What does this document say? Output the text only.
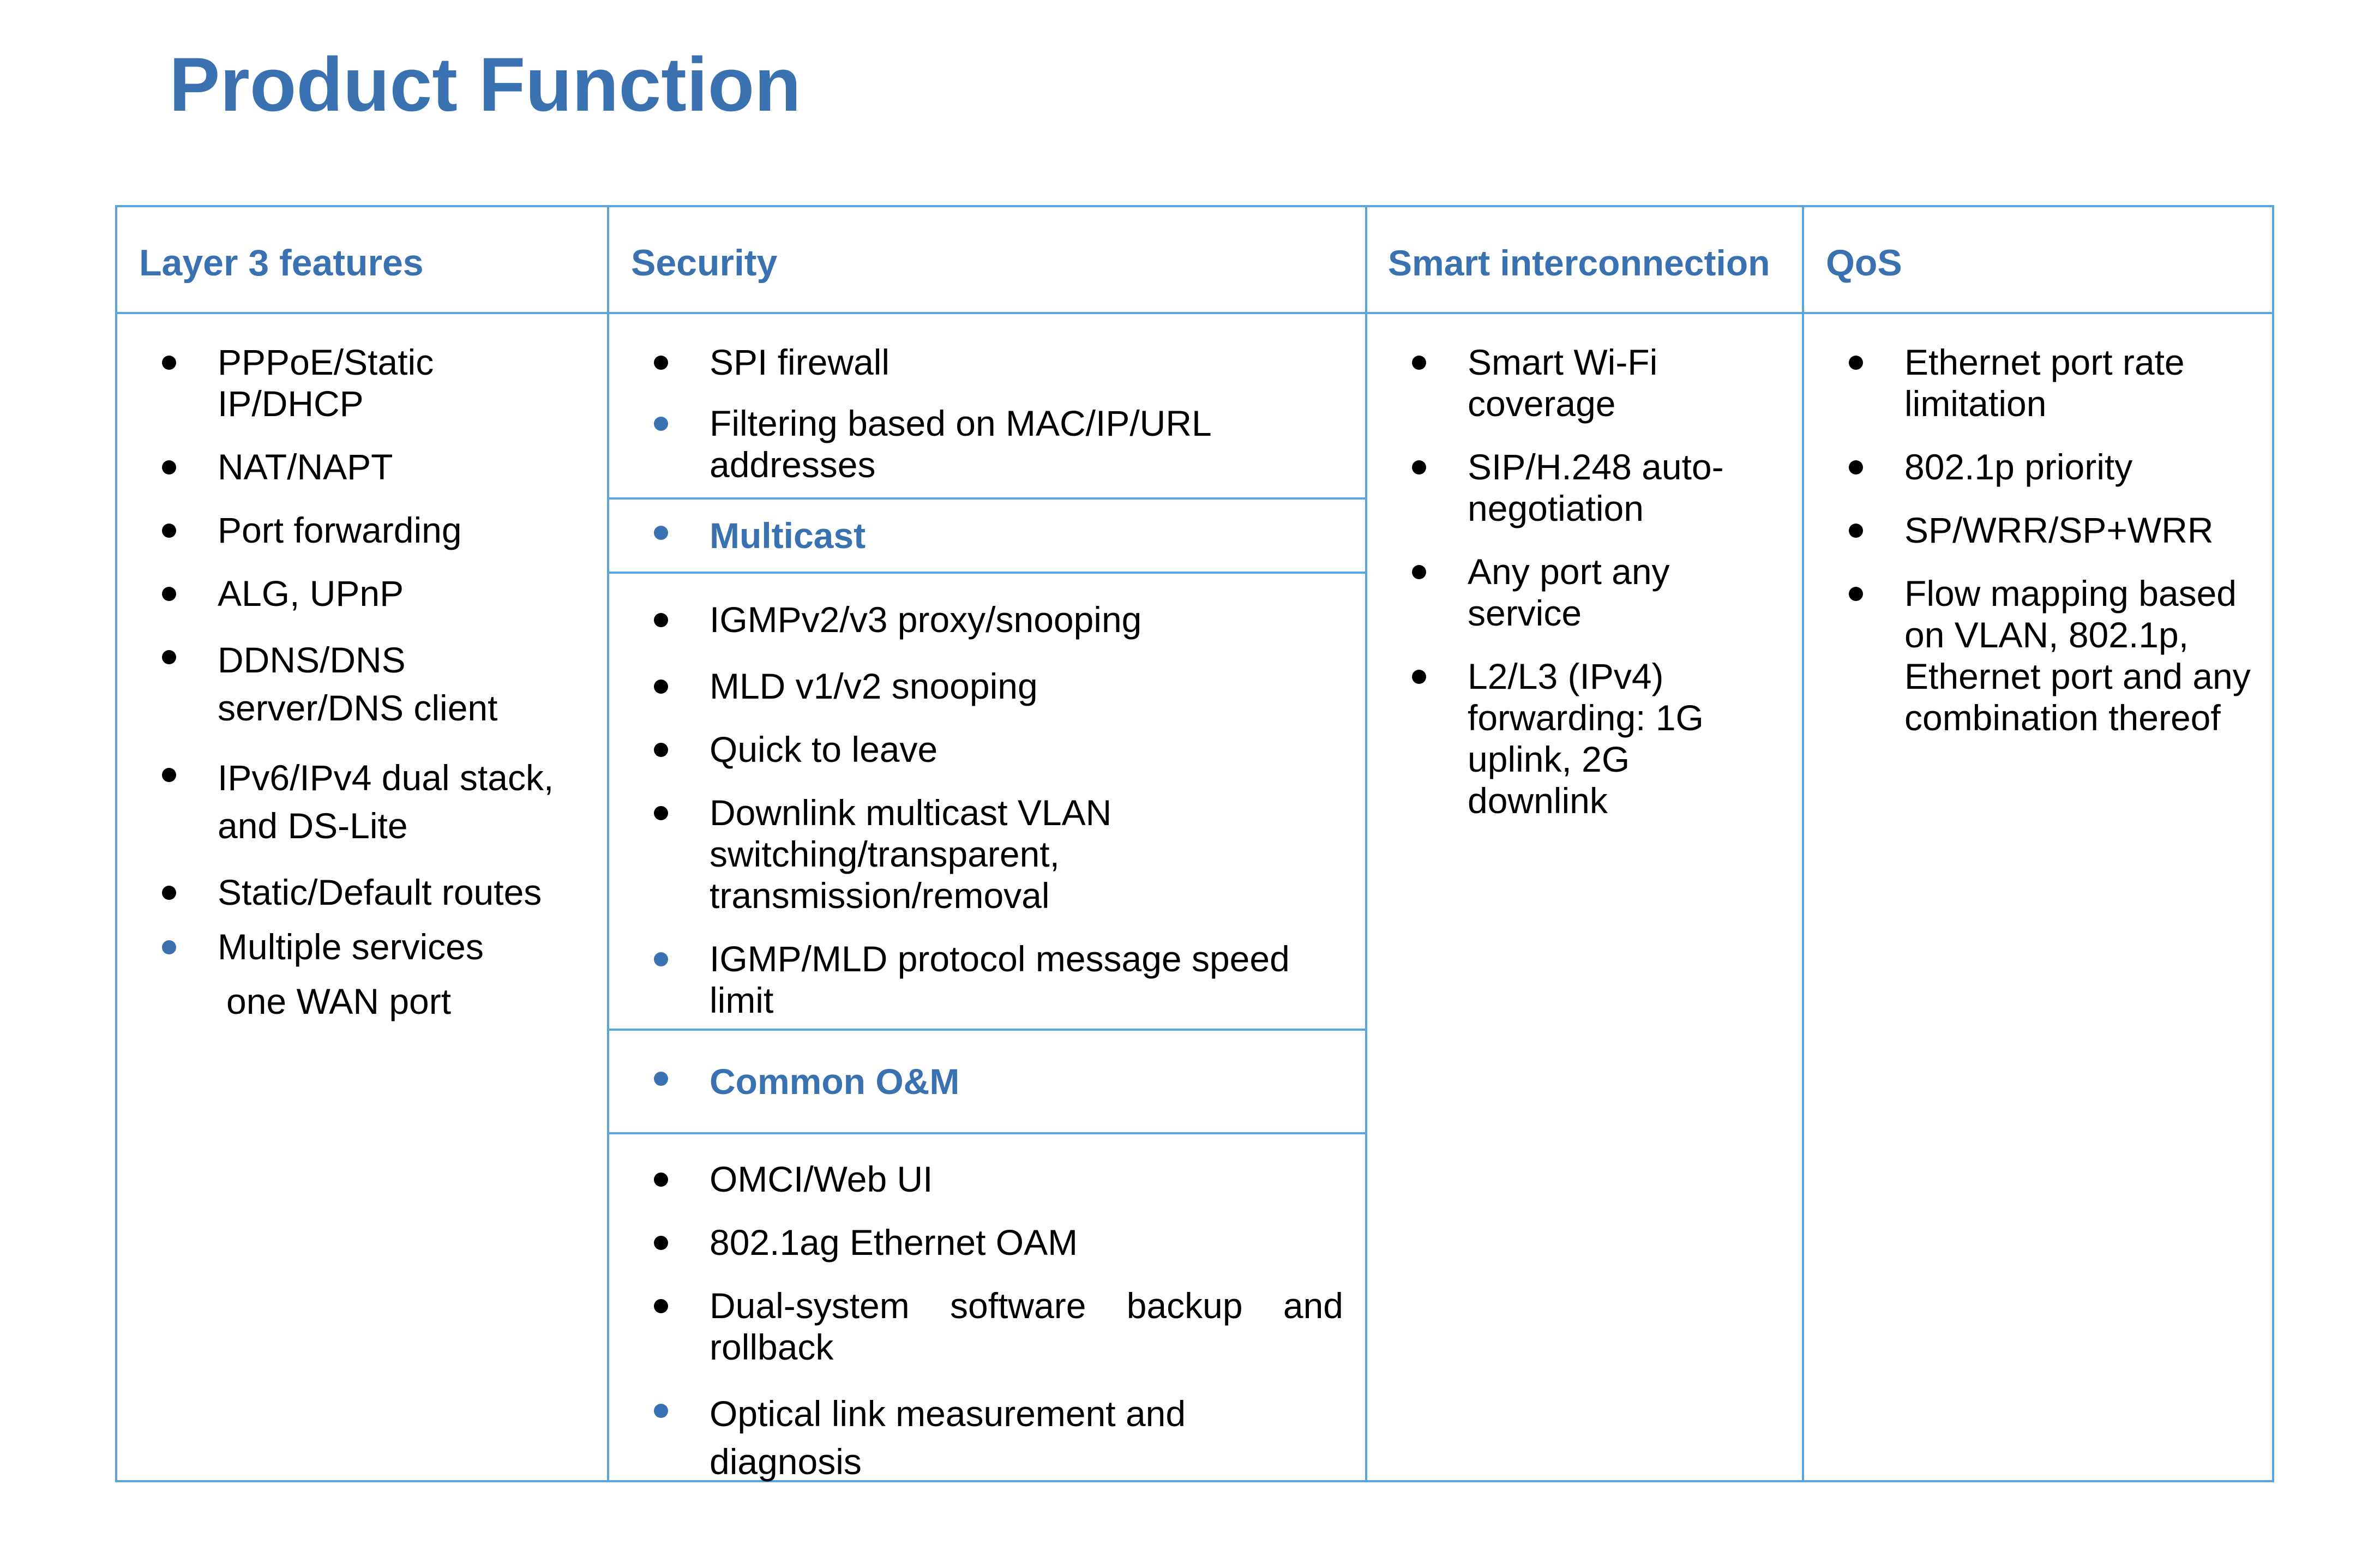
Product Function
Layer 3 features
PPPoE/Static IP/DHCP
NAT/NAPT
Port forwarding
ALG, UPnP
DDNS/DNS server/DNS client
IPv6/IPv4 dual stack, and DS-Lite
Static/Default routes
Multiple services
one WAN port
Security
SPI firewall
Filtering based on MAC/IP/URL addresses
Multicast
IGMPv2/v3 proxy/snooping
MLD v1/v2 snooping
Quick to leave
Downlink multicast VLAN switching/transparent, transmission/removal
IGMP/MLD protocol message speed limit
Common O&M
OMCI/Web UI
802.1ag Ethernet OAM
Dual-system software backup and rollback
Optical link measurement and diagnosis
Smart interconnection
Smart Wi-Fi coverage
SIP/H.248 auto-negotiation
Any port any service
L2/L3 (IPv4) forwarding: 1G uplink, 2G downlink
QoS
Ethernet port rate limitation
802.1p priority
SP/WRR/SP+WRR
Flow mapping based on VLAN, 802.1p, Ethernet port and any combination thereof
